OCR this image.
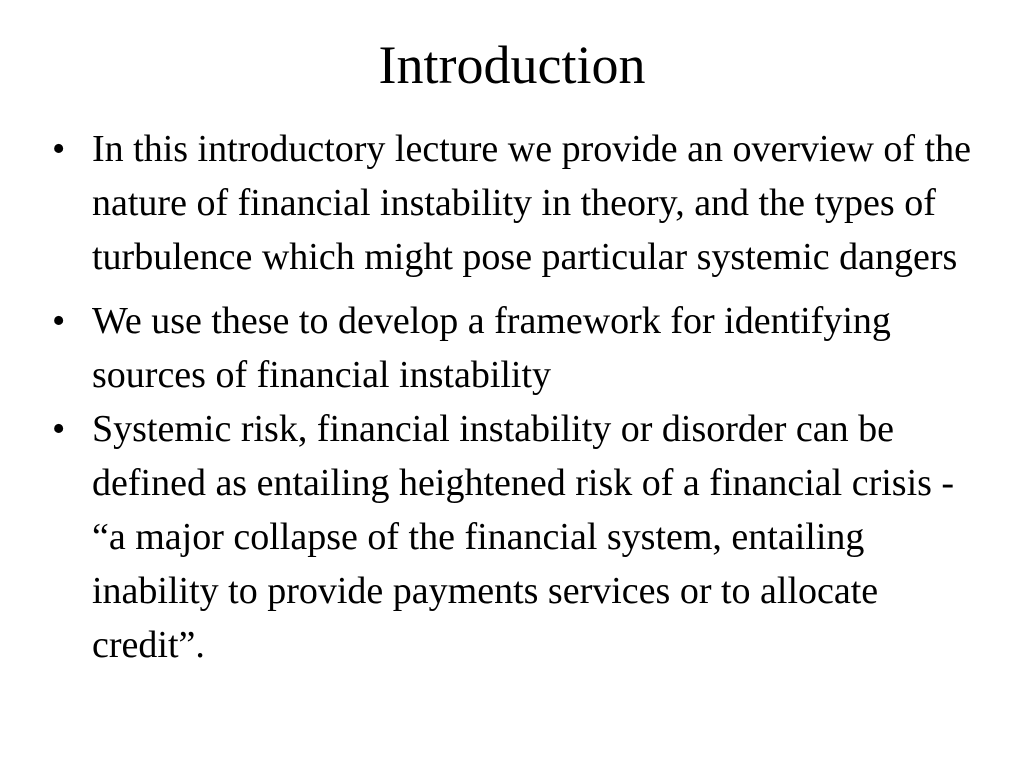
Introduction
• In this introductory lecture we provide an overview of the nature of financial instability in theory, and the types of turbulence which might pose particular systemic dangers
• We use these to develop a framework for identifying sources of financial instability
• Systemic risk, financial instability or disorder can be defined as entailing heightened risk of a financial crisis - “a major collapse of the financial system, entailing inability to provide payments services or to allocate credit”.
